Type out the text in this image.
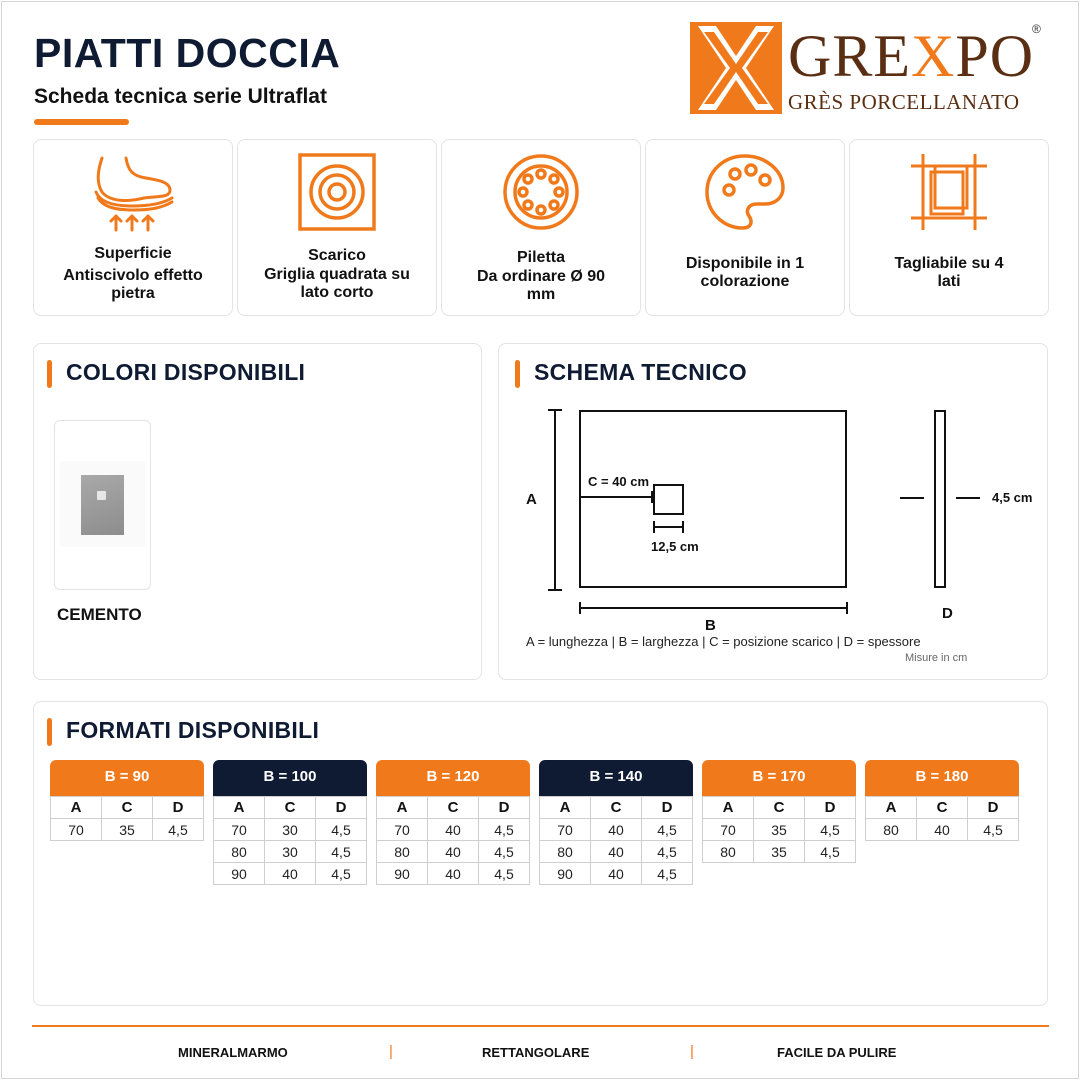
PIATTI DOCCIA
Scheda tecnica serie Ultraflat
GREXPO
®
GRÈS PORCELLANATO
Superficie
Antiscivolo effetto pietra
Scarico
Griglia quadrata su lato corto
Piletta
Da ordinare Ø 90 mm
Disponibile in 1 colorazione
Tagliabile su 4 lati
COLORI DISPONIBILI
CEMENTO
SCHEMA TECNICO
A
C = 40 cm
12,5 cm
B
D
4,5 cm
A = lunghezza | B = larghezza | C = posizione scarico | D = spessore
Misure in cm
FORMATI DISPONIBILI
B = 90
A	C	D
70	35	4,5
B = 100
A	C	D
70	30	4,5
80	30	4,5
90	40	4,5
B = 120
A	C	D
70	40	4,5
80	40	4,5
90	40	4,5
B = 140
A	C	D
70	40	4,5
80	40	4,5
90	40	4,5
B = 170
A	C	D
70	35	4,5
80	35	4,5
B = 180
A	C	D
80	40	4,5
MINERALMARMO	|	RETTANGOLARE	|	FACILE DA PULIRE
